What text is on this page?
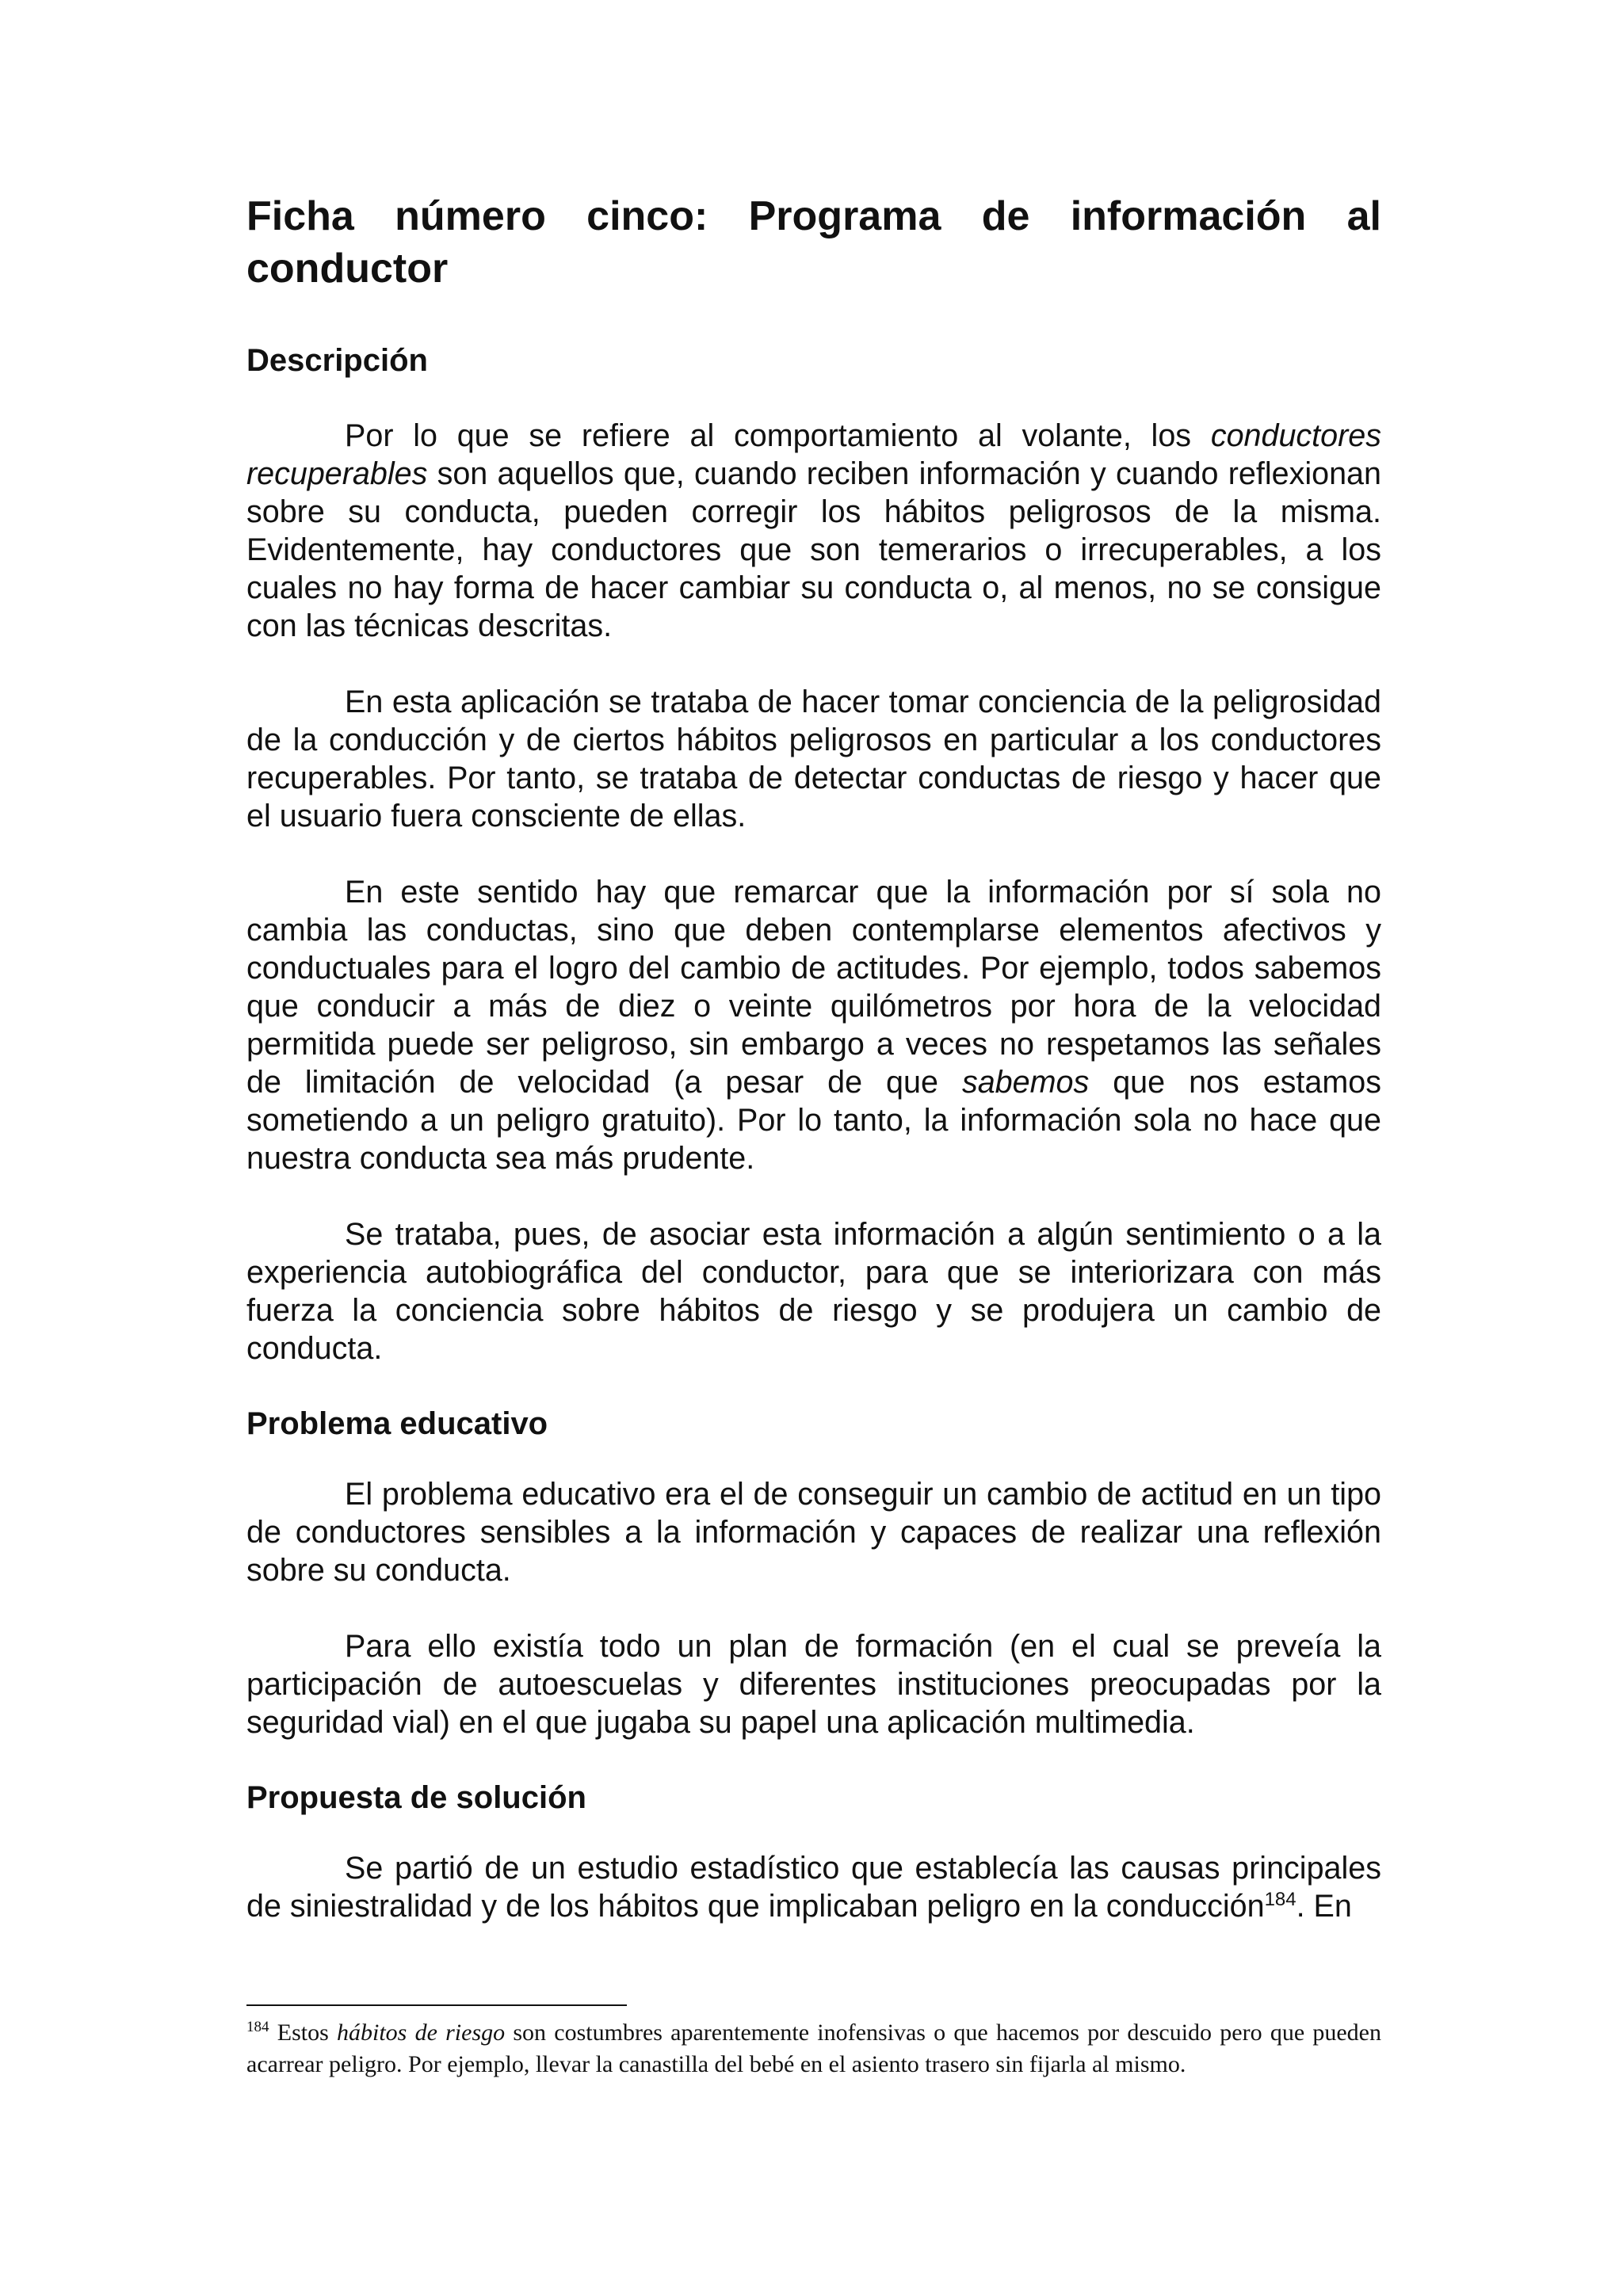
Ficha número cinco: Programa de información al
conductor
Descripción

Por lo que se refiere al comportamiento al volante, los conductores recuperables son aquellos que, cuando reciben información y cuando reflexionan sobre su conducta, pueden corregir los hábitos peligrosos de la misma. Evidentemente, hay conductores que son temerarios o irrecuperables, a los cuales no hay forma de hacer cambiar su conducta o, al menos, no se consigue con las técnicas descritas.

En esta aplicación se trataba de hacer tomar conciencia de la peligrosidad de la conducción y de ciertos hábitos peligrosos en particular a los conductores recuperables. Por tanto, se trataba de detectar conductas de riesgo y hacer que el usuario fuera consciente de ellas.

En este sentido hay que remarcar que la información por sí sola no cambia las conductas, sino que deben contemplarse elementos afectivos y conductuales para el logro del cambio de actitudes. Por ejemplo, todos sabemos que conducir a más de diez o veinte quilómetros por hora de la velocidad permitida puede ser peligroso, sin embargo a veces no respetamos las señales de limitación de velocidad (a pesar de que sabemos que nos estamos sometiendo a un peligro gratuito). Por lo tanto, la información sola no hace que nuestra conducta sea más prudente.

Se trataba, pues, de asociar esta información a algún sentimiento o a la experiencia autobiográfica del conductor, para que se interiorizara con más fuerza la conciencia sobre hábitos de riesgo y se produjera un cambio de conducta.

Problema educativo

El problema educativo era el de conseguir un cambio de actitud en un tipo de conductores sensibles a la información y capaces de realizar una reflexión sobre su conducta.

Para ello existía todo un plan de formación (en el cual se preveía la participación de autoescuelas y diferentes instituciones preocupadas por la seguridad vial) en el que jugaba su papel una aplicación multimedia.

Propuesta de solución

Se partió de un estudio estadístico que establecía las causas principales de siniestralidad y de los hábitos que implicaban peligro en la conducción$^{184}$. En

$^{184}$ Estos hábitos de riesgo son costumbres aparentemente inofensivas o que hacemos por descuido pero que pueden acarrear peligro. Por ejemplo, llevar la canastilla del bebé en el asiento trasero sin fijarla al mismo.
